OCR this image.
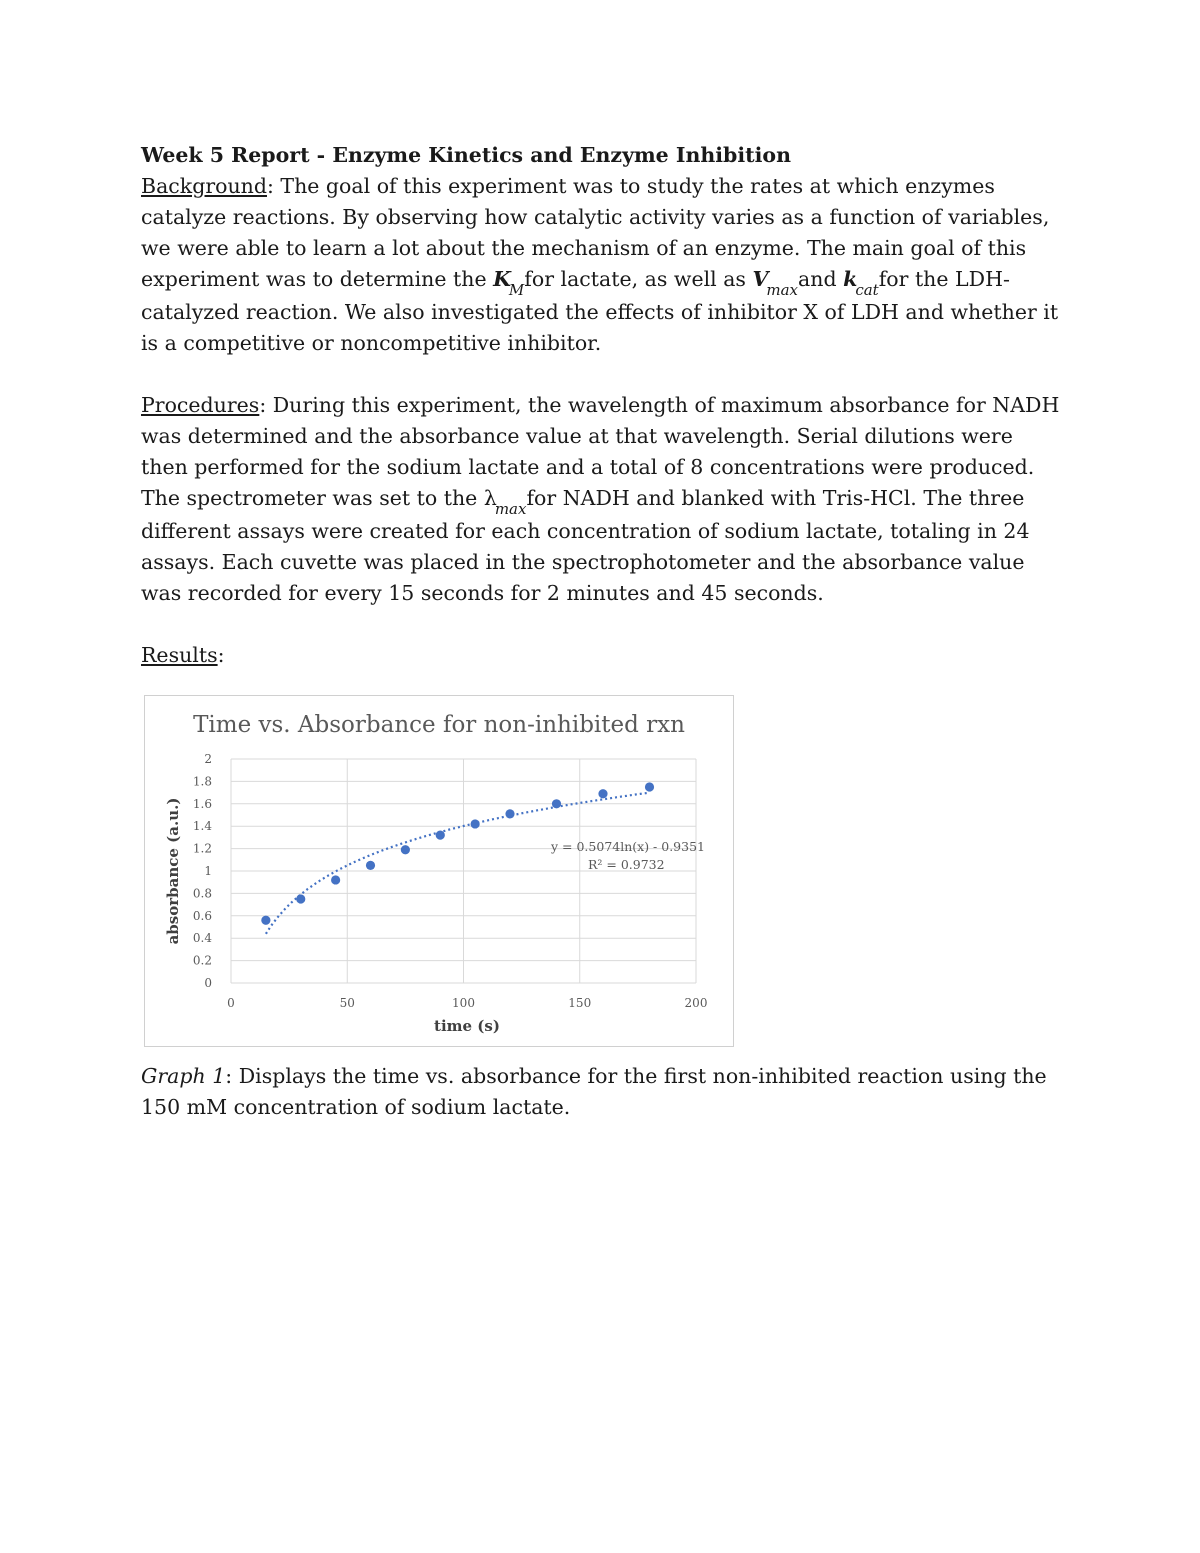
Week 5 Report - Enzyme Kinetics and Enzyme Inhibition

Background: The goal of this experiment was to study the rates at which enzymes catalyze reactions. By observing how catalytic activity varies as a function of variables, we were able to learn a lot about the mechanism of an enzyme. The main goal of this experiment was to determine the $K_Mfor$ lactate, as well as $V_{max}and$ $k_{cat}for$ the LDH-catalyzed reaction. We also investigated the effects of inhibitor X of LDH and whether it is a competitive or noncompetitive inhibitor.

Procedures: During this experiment, the wavelength of maximum absorbance for NADH was determined and the absorbance value at that wavelength. Serial dilutions were then performed for the sodium lactate and a total of 8 concentrations were produced. The spectrometer was set to the $\lambda_{max}for$ NADH and blanked with Tris-HCl. The three different assays were created for each concentration of sodium lactate, totaling in 24 assays. Each cuvette was placed in the spectrophotometer and the absorbance value was recorded for every 15 seconds for 2 minutes and 45 seconds.

Results:

Time vs. Absorbance for non-inhibited rxn
0
0.2
0.4
0.6
0.8
1
1.2
1.4
1.6
1.8
2
0	50	100	150	200
y = 0.5074ln(x) - 0.9351
R² = 0.9732
time (s)
absorbance (a.u.)
Graph 1: Displays the time vs. absorbance for the first non-inhibited reaction using the 150 mM concentration of sodium lactate.
